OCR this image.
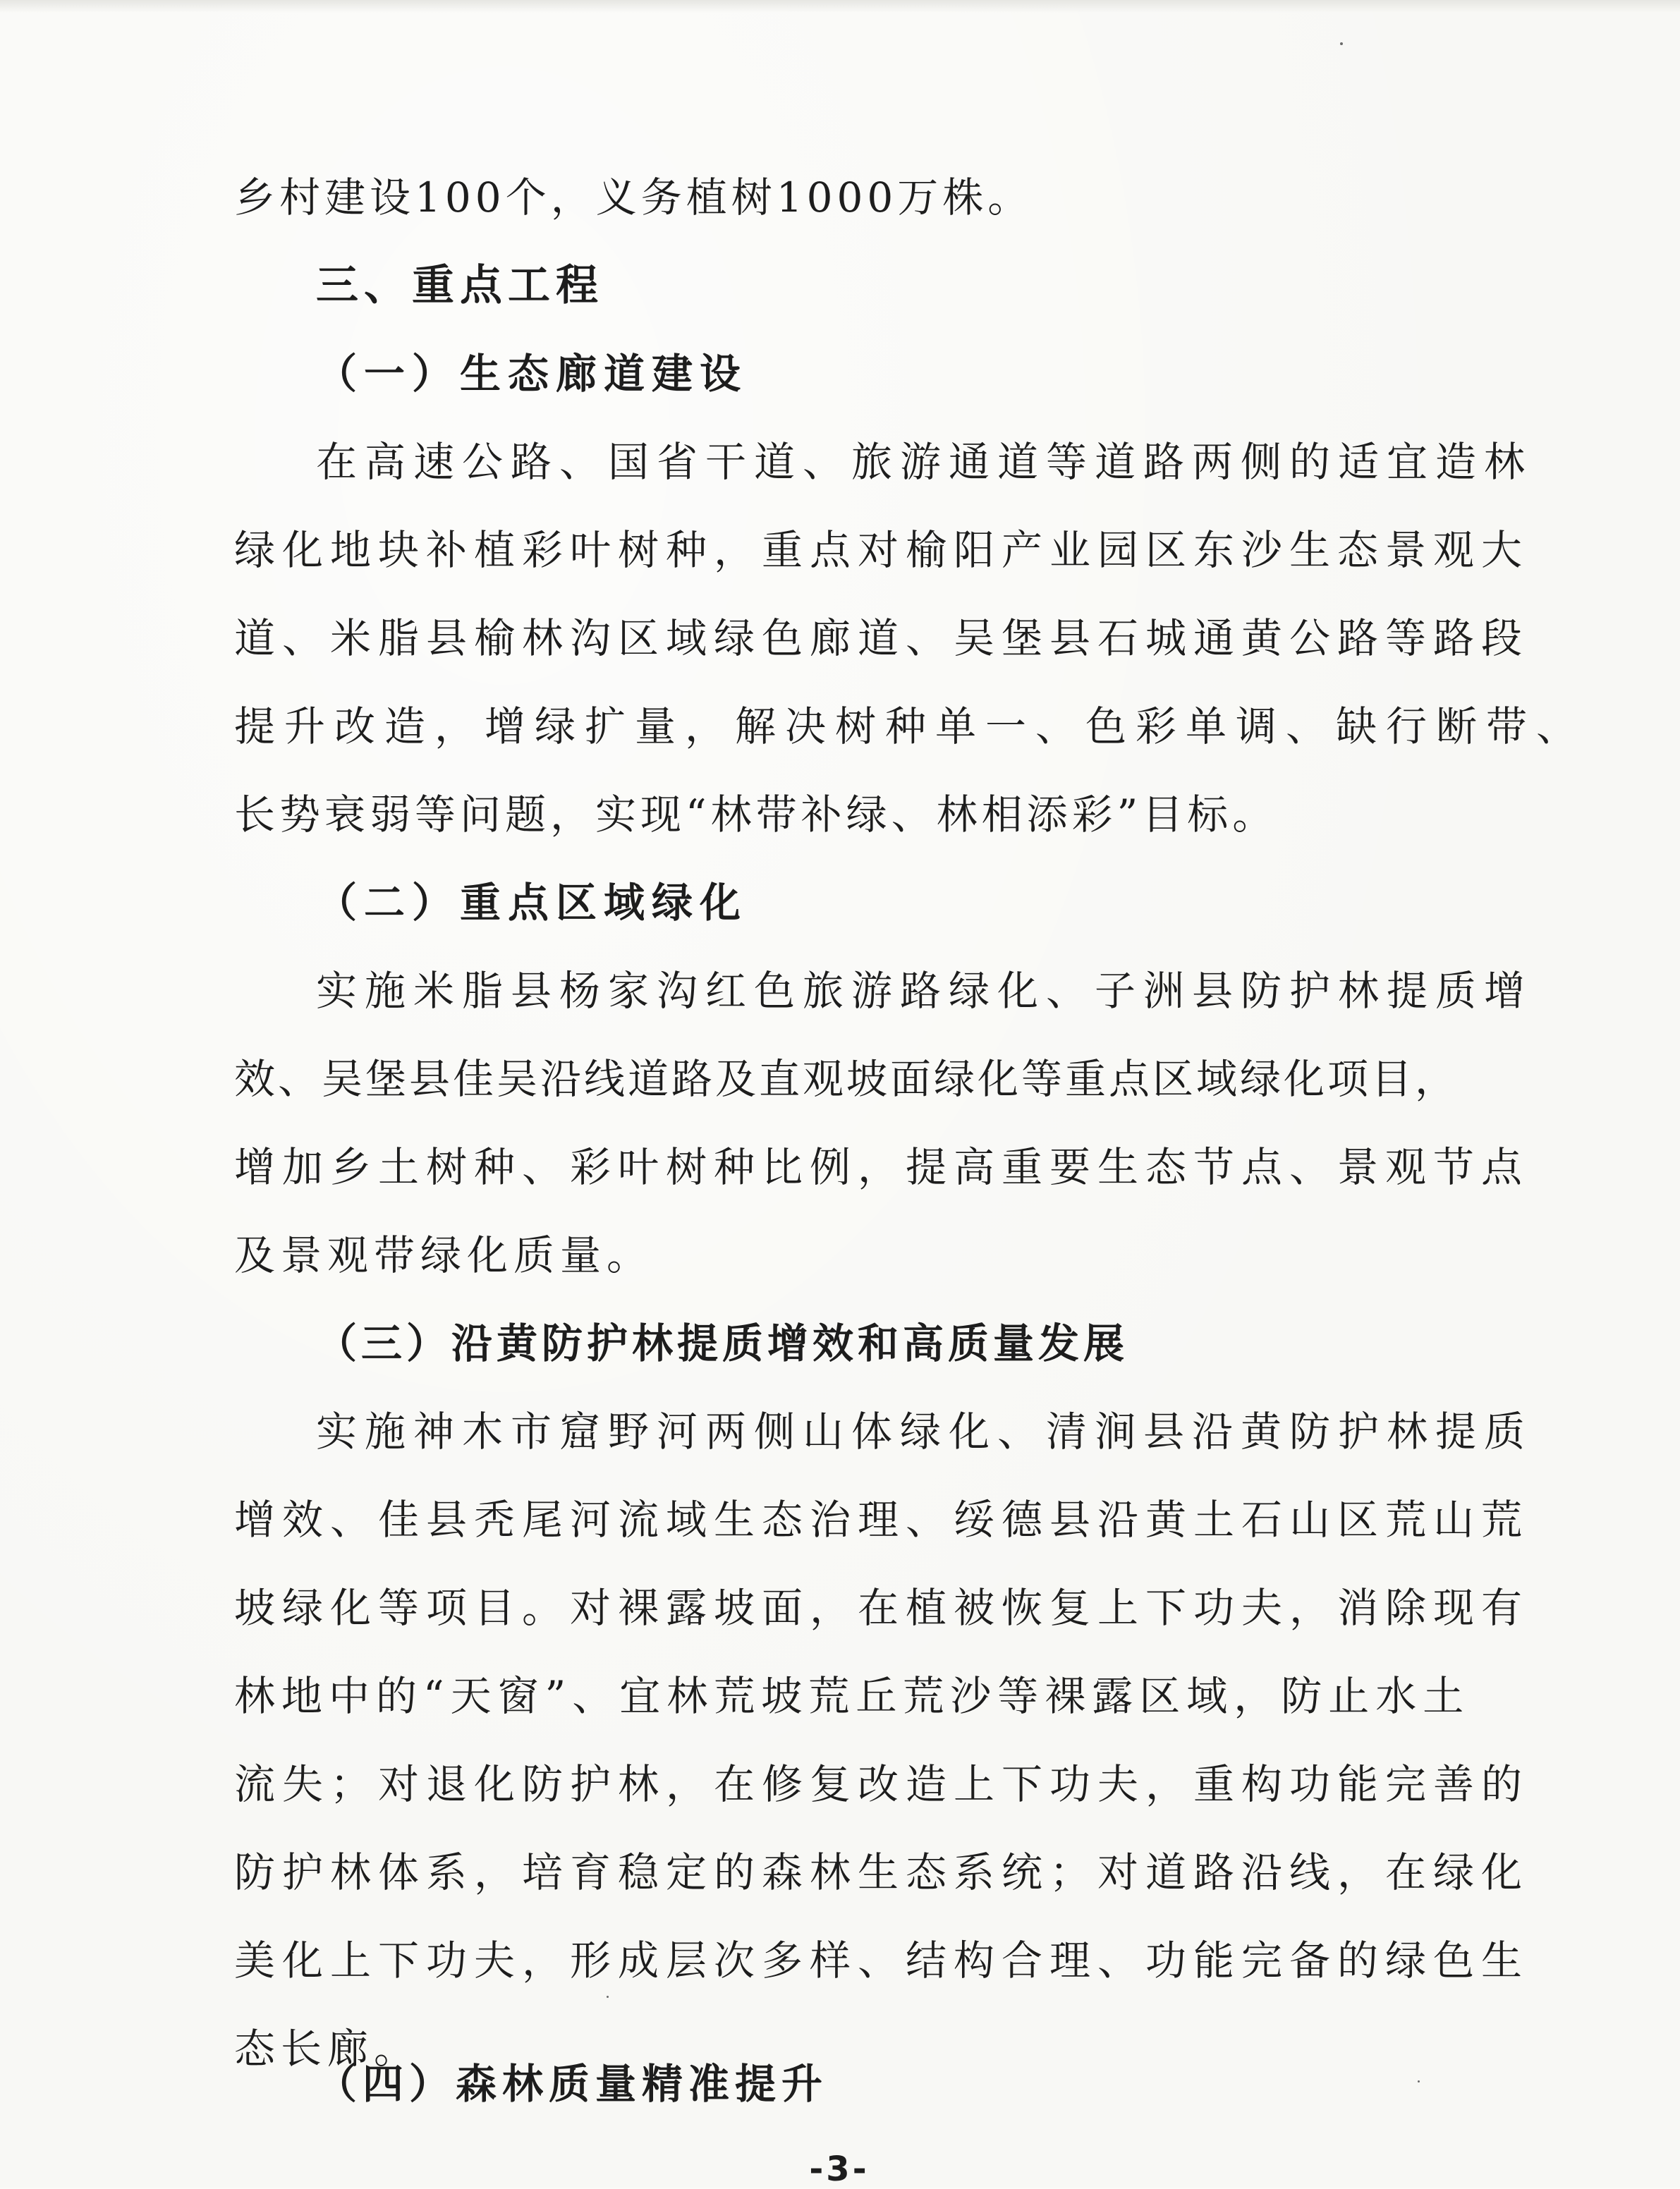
乡村建设100个，义务植树1000万株。
三、重点工程
（一）生态廊道建设
在高速公路、国省干道、旅游通道等道路两侧的适宜造林
绿化地块补植彩叶树种，重点对榆阳产业园区东沙生态景观大
道、米脂县榆林沟区域绿色廊道、吴堡县石城通黄公路等路段
提升改造，增绿扩量，解决树种单一、色彩单调、缺行断带、
长势衰弱等问题，实现“林带补绿、林相添彩”目标。
（二）重点区域绿化
实施米脂县杨家沟红色旅游路绿化、子洲县防护林提质增
效、吴堡县佳吴沿线道路及直观坡面绿化等重点区域绿化项目，
增加乡土树种、彩叶树种比例，提高重要生态节点、景观节点
及景观带绿化质量。
（三）沿黄防护林提质增效和高质量发展
实施神木市窟野河两侧山体绿化、清涧县沿黄防护林提质
增效、佳县秃尾河流域生态治理、绥德县沿黄土石山区荒山荒
坡绿化等项目。对裸露坡面，在植被恢复上下功夫，消除现有
林地中的“天窗”、宜林荒坡荒丘荒沙等裸露区域，防止水土
流失；对退化防护林，在修复改造上下功夫，重构功能完善的
防护林体系，培育稳定的森林生态系统；对道路沿线，在绿化
美化上下功夫，形成层次多样、结构合理、功能完备的绿色生
态长廊。
（四）森林质量精准提升
-3-
